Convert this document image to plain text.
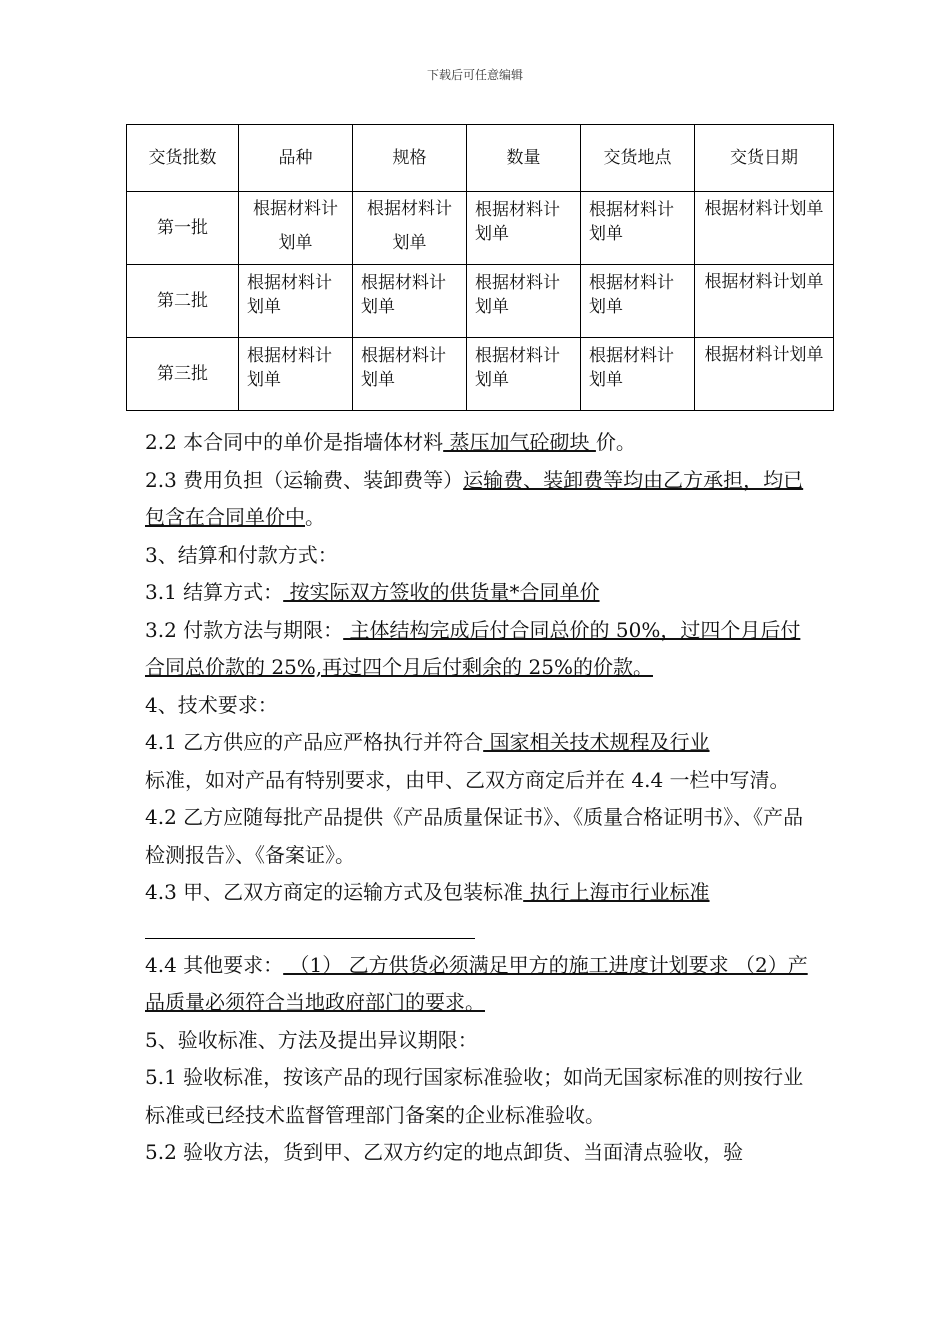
下载后可任意编辑
交货批数	品种	规格	数量	交货地点	交货日期
第一批	根据材料计划单	根据材料计划单	根据材料计划单	根据材料计划单	根据材料计划单
第二批	根据材料计划单	根据材料计划单	根据材料计划单	根据材料计划单	根据材料计划单
第三批	根据材料计划单	根据材料计划单	根据材料计划单	根据材料计划单	根据材料计划单

2.2 本合同中的单价是指墙体材料 蒸压加气砼砌块 价。

2.3 费用负担（运输费、装卸费等）运输费、装卸费等均由乙方承担，均已包含在合同单价中。

3、结算和付款方式：

3.1 结算方式： 按实际双方签收的供货量*合同单价

3.2 付款方法与期限： 主体结构完成后付合同总价的 50%，过四个月后付合同总价款的 25%,再过四个月后付剩余的 25%的价款。

4、技术要求：

4.1 乙方供应的产品应严格执行并符合 国家相关技术规程及行业
标准，如对产品有特别要求，由甲、乙双方商定后并在 4.4 一栏中写清。

4.2 乙方应随每批产品提供《产品质量保证书》、《质量合格证明书》、《产品检测报告》、《备案证》。

4.3 甲、乙双方商定的运输方式及包装标准 执行上海市行业标准

4.4 其他要求： （1） 乙方供货必须满足甲方的施工进度计划要求 （2）产品质量必须符合当地政府部门的要求。

5、验收标准、方法及提出异议期限：

5.1 验收标准，按该产品的现行国家标准验收；如尚无国家标准的则按行业标准或已经技术监督管理部门备案的企业标准验收。

5.2 验收方法，货到甲、乙双方约定的地点卸货、当面清点验收，验
